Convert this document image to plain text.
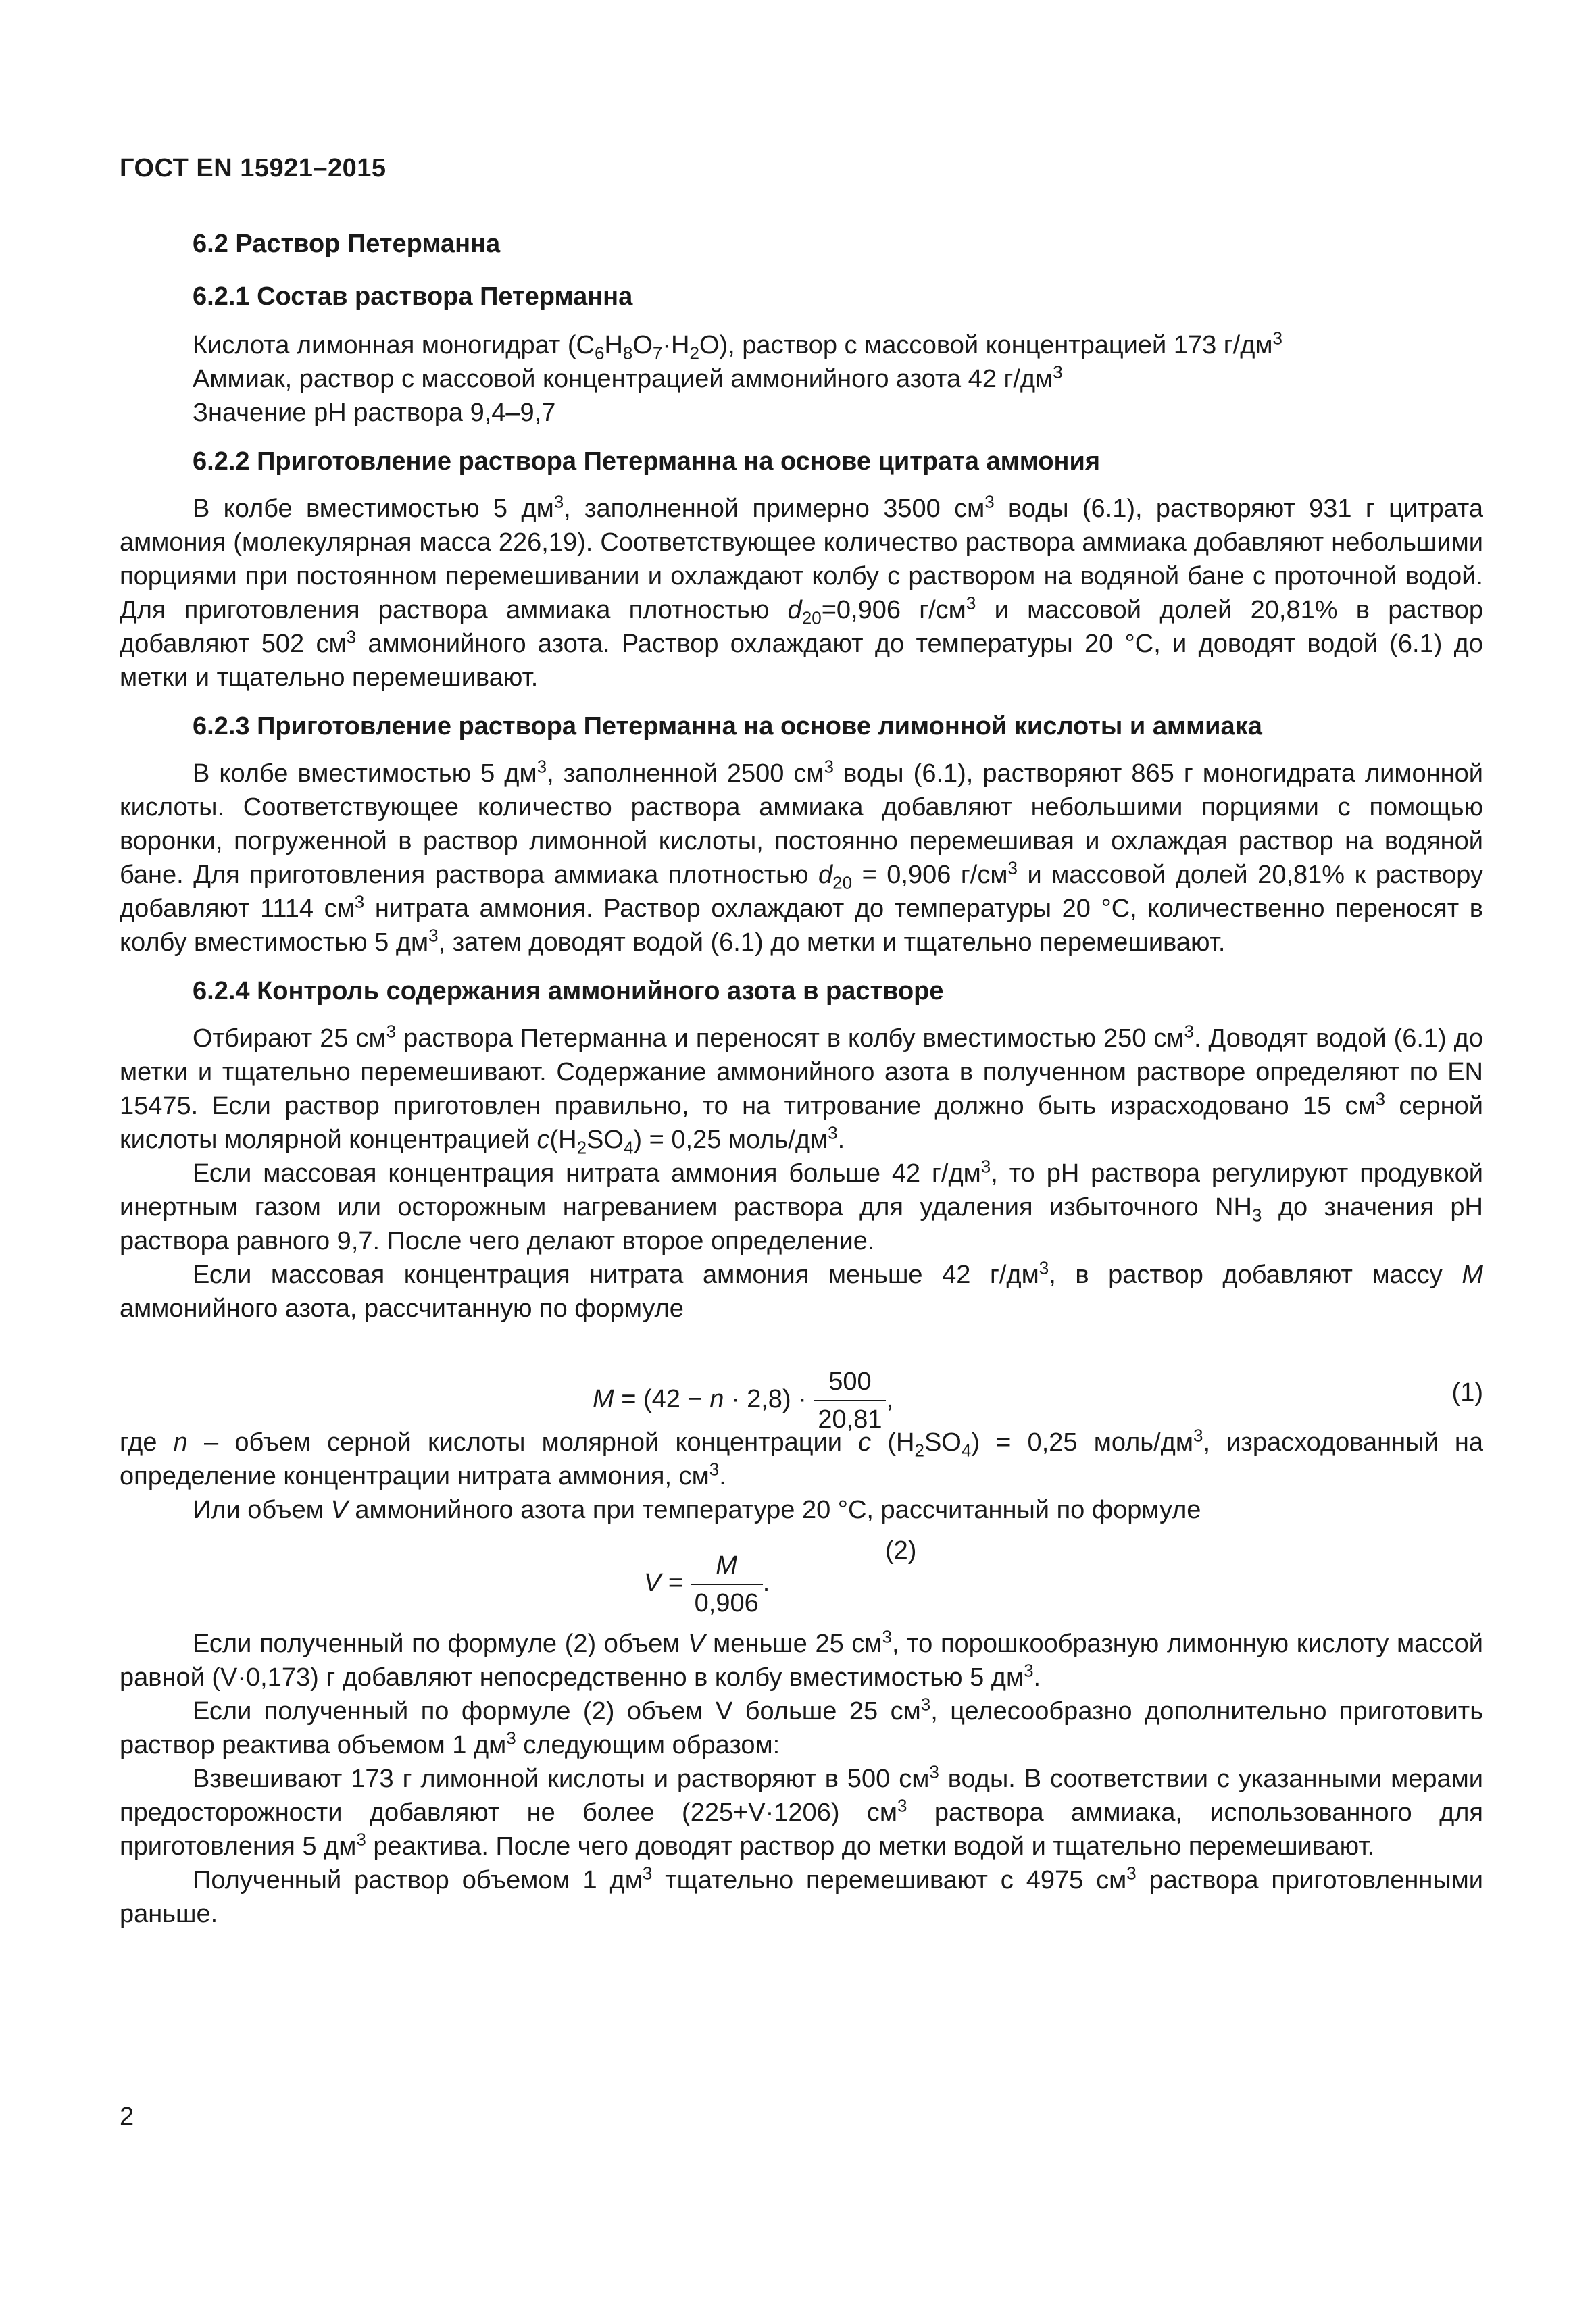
ГОСТ EN 15921–2015
6.2 Раствор Петерманна
6.2.1 Состав раствора Петерманна
Кислота лимонная моногидрат $(C_6H_8O_7\cdot H_2O)$, раствор с массовой концентрацией 173 $г/дм^3$
Аммиак, раствор с массовой концентрацией аммонийного азота 42 $г/дм^3$
Значение pH раствора 9,4–9,7
6.2.2 Приготовление раствора Петерманна на основе цитрата аммония

В колбе вместимостью 5 $дм^3$, заполненной примерно 3500 $см^3$ воды (6.1), растворяют 931 г цитрата аммония (молекулярная масса 226,19). Соответствующее количество раствора аммиака добавляют небольшими порциями при постоянном перемешивании и охлаждают колбу с раствором на водяной бане с проточной водой. Для приготовления раствора аммиака плотностью $d_{20}=0,906$ $г/см^3$ и массовой долей 20,81% в раствор добавляют 502 $см^3$ аммонийного азота. Раствор охлаждают до температуры 20 °С, и доводят водой (6.1) до метки и тщательно перемешивают.

6.2.3 Приготовление раствора Петерманна на основе лимонной кислоты и аммиака

В колбе вместимостью 5 $дм^3$, заполненной 2500 $см^3$ воды (6.1), растворяют 865 г моногидрата лимонной кислоты. Соответствующее количество раствора аммиака добавляют небольшими порциями с помощью воронки, погруженной в раствор лимонной кислоты, постоянно перемешивая и охлаждая раствор на водяной бане. Для приготовления раствора аммиака плотностью $d_{20} = 0,906$ $г/см^3$ и массовой долей 20,81% к раствору добавляют 1114 $см^3$ нитрата аммония. Раствор охлаждают до температуры 20 °С, количественно переносят в колбу вместимостью 5 $дм^3$, затем доводят водой (6.1) до метки и тщательно перемешивают.

6.2.4 Контроль содержания аммонийного азота в растворе

Отбирают 25 $см^3$ раствора Петерманна и переносят в колбу вместимостью 250 $см^3$. Доводят водой (6.1) до метки и тщательно перемешивают. Содержание аммонийного азота в полученном растворе определяют по EN 15475. Если раствор приготовлен правильно, то на титрование должно быть израсходовано 15 $см^3$ серной кислоты молярной концентрацией $c(H_2SO_4) = 0,25$ моль/$дм^3$.

Если массовая концентрация нитрата аммония больше 42 $г/дм^3$, то pH раствора регулируют продувкой инертным газом или осторожным нагреванием раствора для удаления избыточного $NH_3$ до значения pH раствора равного 9,7. После чего делают второе определение.

Если массовая концентрация нитрата аммония меньше 42 $г/дм^3$, в раствор добавляют массу M аммонийного азота, рассчитанную по формуле

$M = (42 - n \cdot 2,8) \cdot \frac{500}{20,81}$ ,	(1)

где n – объем серной кислоты молярной концентрации c $(H_2SO_4) = 0,25$ моль/$дм^3$, израсходованный на определение концентрации нитрата аммония, $см^3$.

Или объем V аммонийного азота при температуре 20 °С, рассчитанный по формуле

$V = \frac{M}{0,906}$ .
(2)

Если полученный по формуле (2) объем V меньше 25 $см^3$, то порошкообразную лимонную кислоту массой равной (V·0,173) г добавляют непосредственно в колбу вместимостью 5 $дм^3$.

Если полученный по формуле (2) объем V больше 25 $см^3$, целесообразно дополнительно приготовить раствор реактива объемом 1 $дм^3$ следующим образом:

Взвешивают 173 г лимонной кислоты и растворяют в 500 $см^3$ воды. В соответствии с указанными мерами предосторожности добавляют не более (225+V·1206) $см^3$ раствора аммиака, использованного для приготовления 5 $дм^3$ реактива. После чего доводят раствор до метки водой и тщательно перемешивают.

Полученный раствор объемом 1 $дм^3$ тщательно перемешивают с 4975 $см^3$ раствора приготовленными раньше.

2
